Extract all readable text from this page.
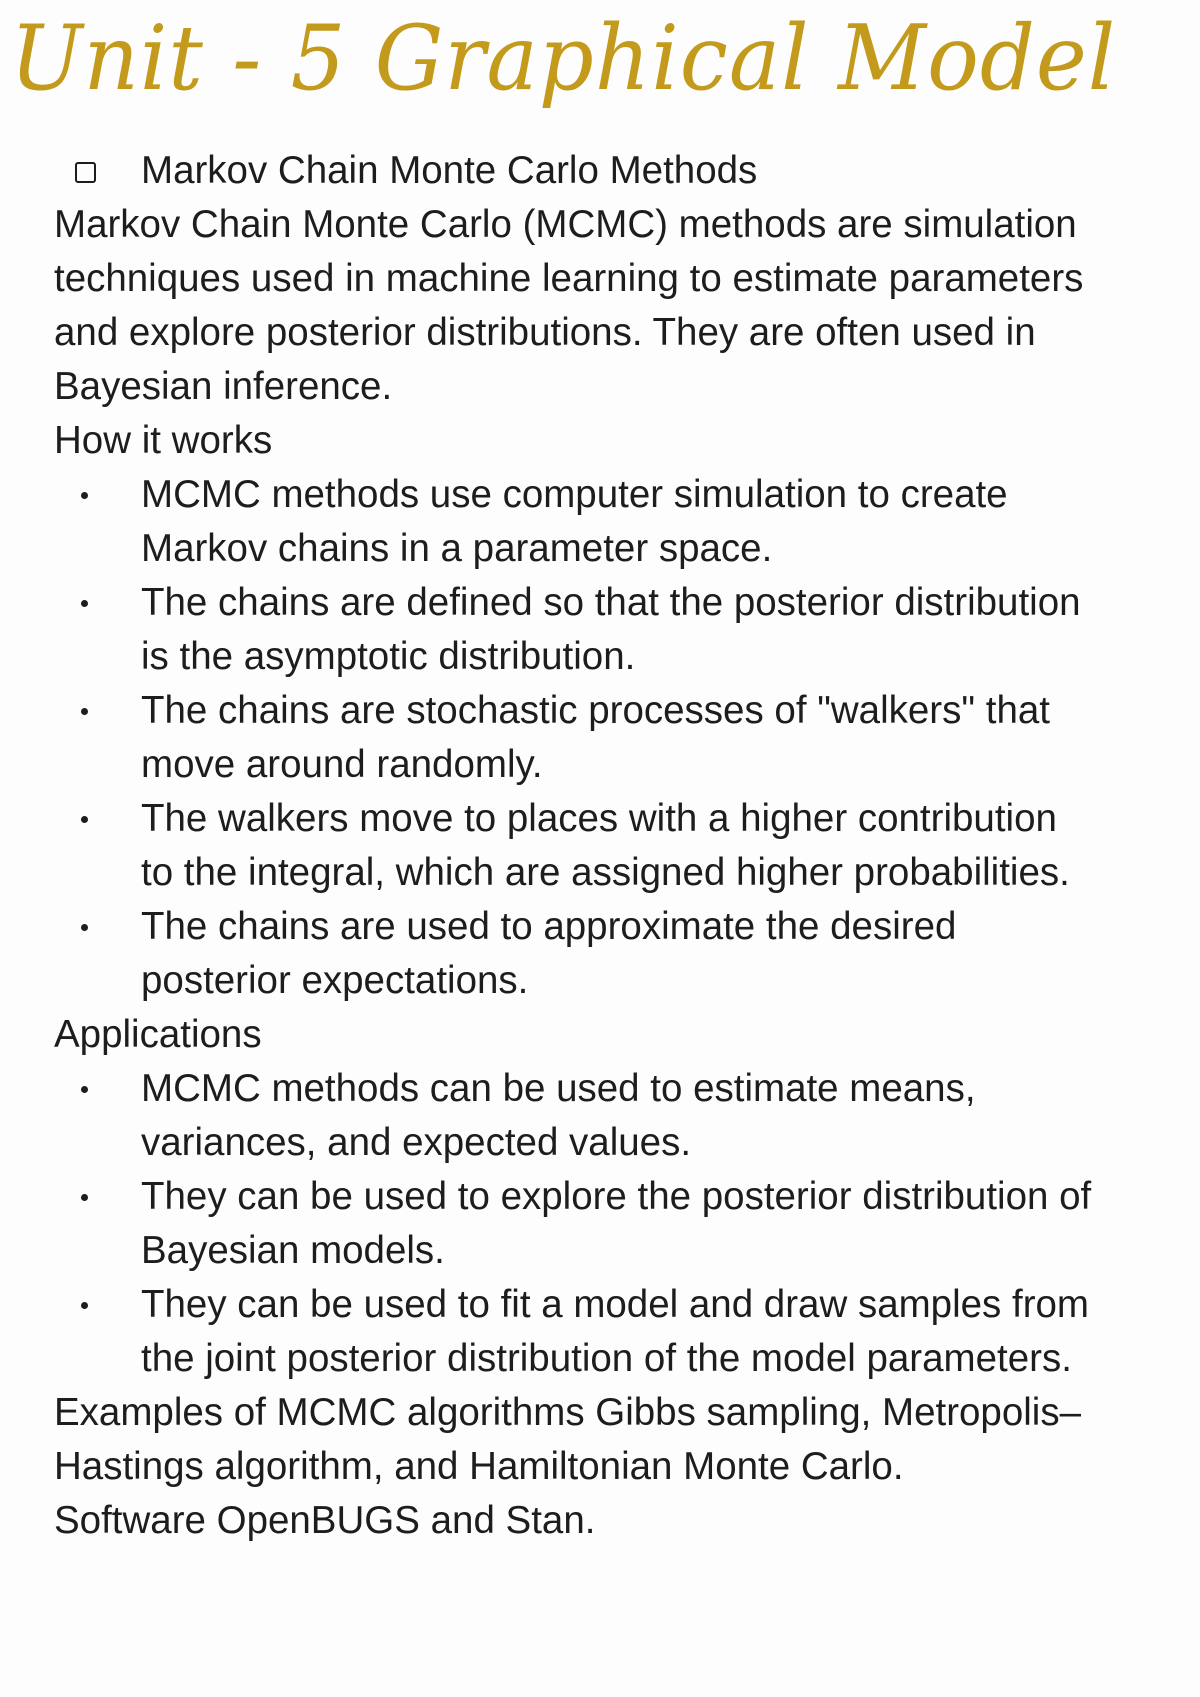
Unit - 5 Graphical Model
Markov Chain Monte Carlo Methods
Markov Chain Monte Carlo (MCMC) methods are simulation
techniques used in machine learning to estimate parameters
and explore posterior distributions. They are often used in
Bayesian inference.
How it works
MCMC methods use computer simulation to create
Markov chains in a parameter space.
The chains are defined so that the posterior distribution
is the asymptotic distribution.
The chains are stochastic processes of "walkers" that
move around randomly.
The walkers move to places with a higher contribution
to the integral, which are assigned higher probabilities.
The chains are used to approximate the desired
posterior expectations.
Applications
MCMC methods can be used to estimate means,
variances, and expected values.
They can be used to explore the posterior distribution of
Bayesian models.
They can be used to fit a model and draw samples from
the joint posterior distribution of the model parameters.
Examples of MCMC algorithms Gibbs sampling, Metropolis–
Hastings algorithm, and Hamiltonian Monte Carlo.
Software OpenBUGS and Stan.
